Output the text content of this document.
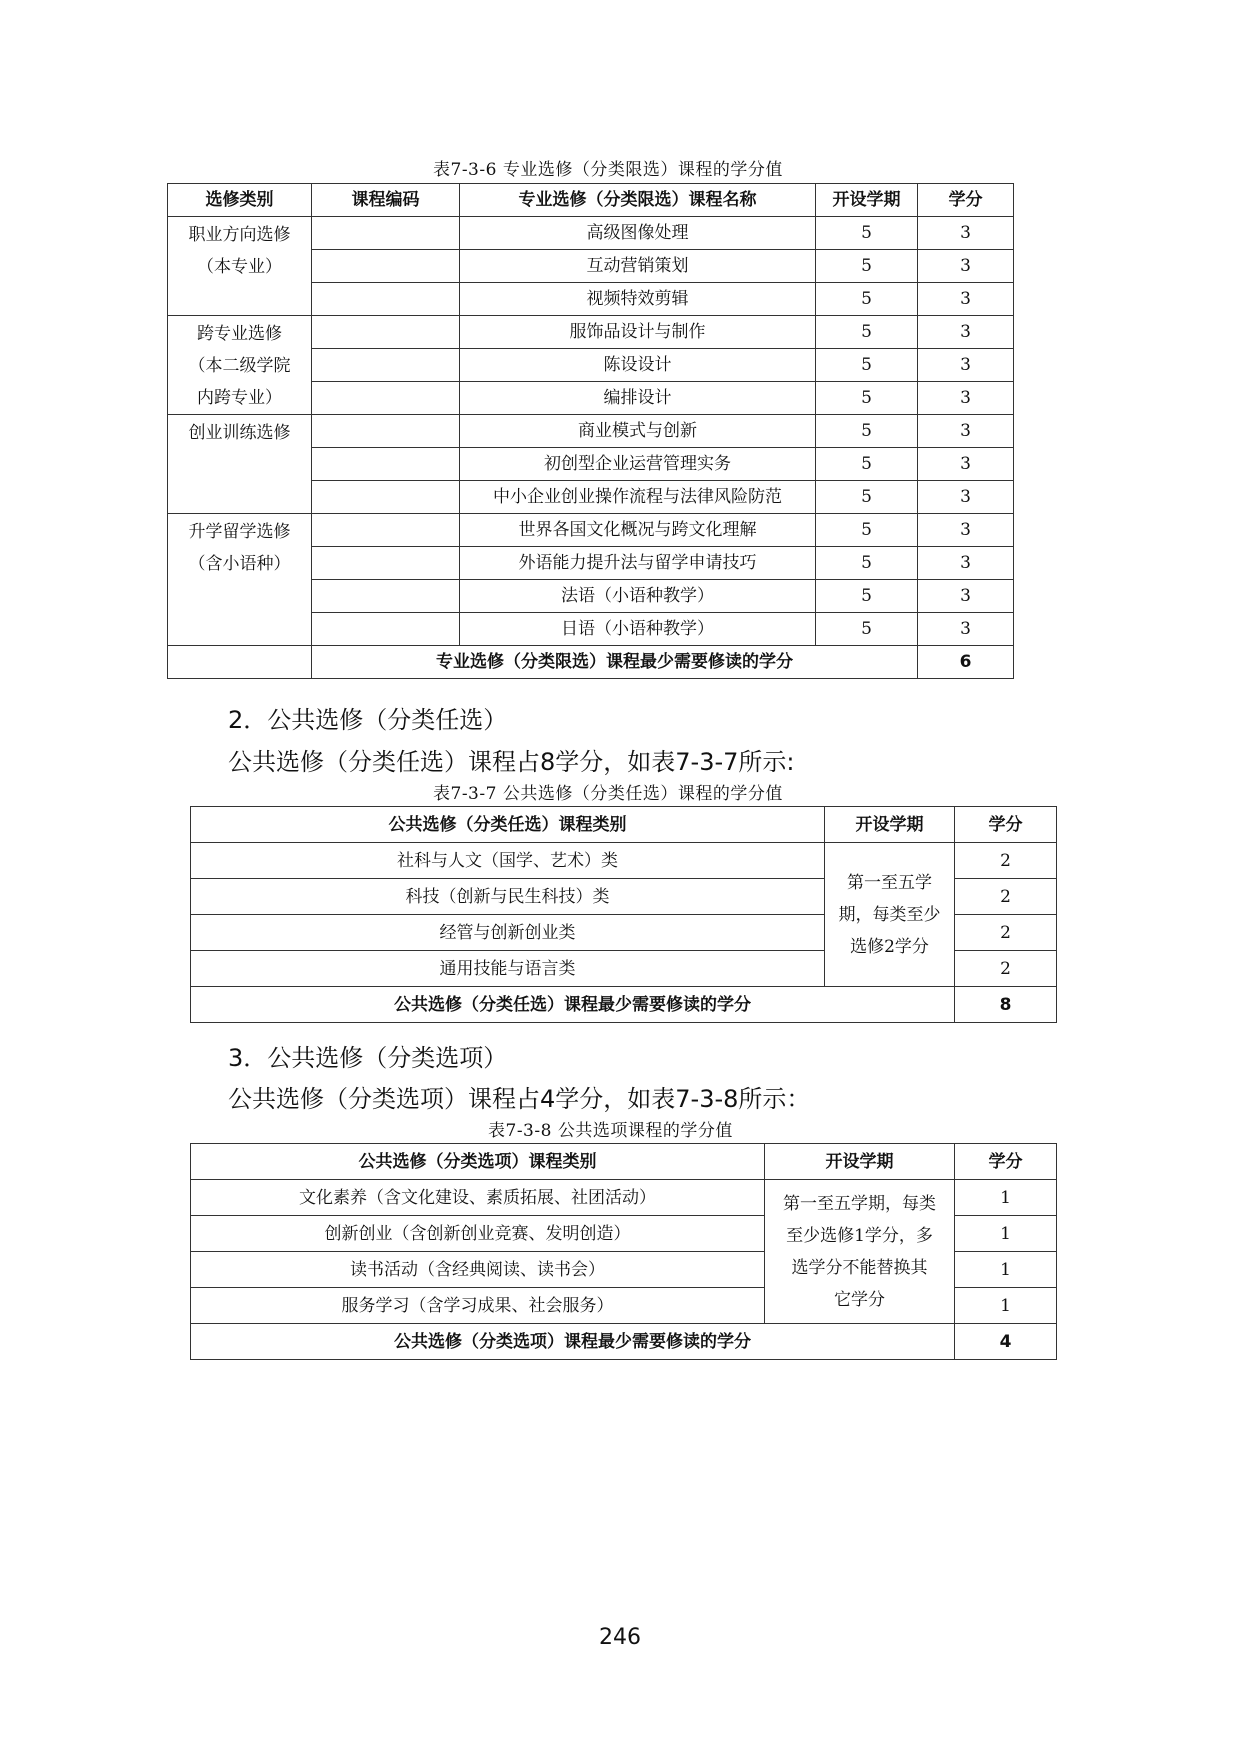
表7-3-6 专业选修（分类限选）课程的学分值
选修类别	课程编码	专业选修（分类限选）课程名称	开设学期	学分

职业方向选修
（本专业）		高级图像处理	5	3
		互动营销策划	5	3
		视频特效剪辑	5	3

跨专业选修
（本二级学院
内跨专业）		服饰品设计与制作	5	3
		陈设设计	5	3
		编排设计	5	3

创业训练选修		商业模式与创新	5	3
		初创型企业运营管理实务	5	3
		中小企业创业操作流程与法律风险防范	5	3

升学留学选修
（含小语种）		世界各国文化概况与跨文化理解	5	3
		外语能力提升法与留学申请技巧	5	3
		法语（小语种教学）	5	3
		日语（小语种教学）	5	3
	专业选修（分类限选）课程最少需要修读的学分			6
2．公共选修（分类任选）
公共选修（分类任选）课程占8学分，如表7-3-7所示:
表7-3-7 公共选修（分类任选）课程的学分值
公共选修（分类任选）课程类别	开设学期	学分
社科与人文（国学、艺术）类	第一至五学
期，每类至少
选修2学分	2
科技（创新与民生科技）类		2
经管与创新创业类		2
通用技能与语言类		2
公共选修（分类任选）课程最少需要修读的学分		8
3．公共选修（分类选项）
公共选修（分类选项）课程占4学分，如表7-3-8所示：
表7-3-8 公共选项课程的学分值
公共选修（分类选项）课程类别	开设学期	学分
文化素养（含文化建设、素质拓展、社团活动）	第一至五学期，每类
至少选修1学分，多
选学分不能替换其
它学分	1
创新创业（含创新创业竞赛、发明创造）		1
读书活动（含经典阅读、读书会）		1
服务学习（含学习成果、社会服务）		1
公共选修（分类选项）课程最少需要修读的学分		4
246
